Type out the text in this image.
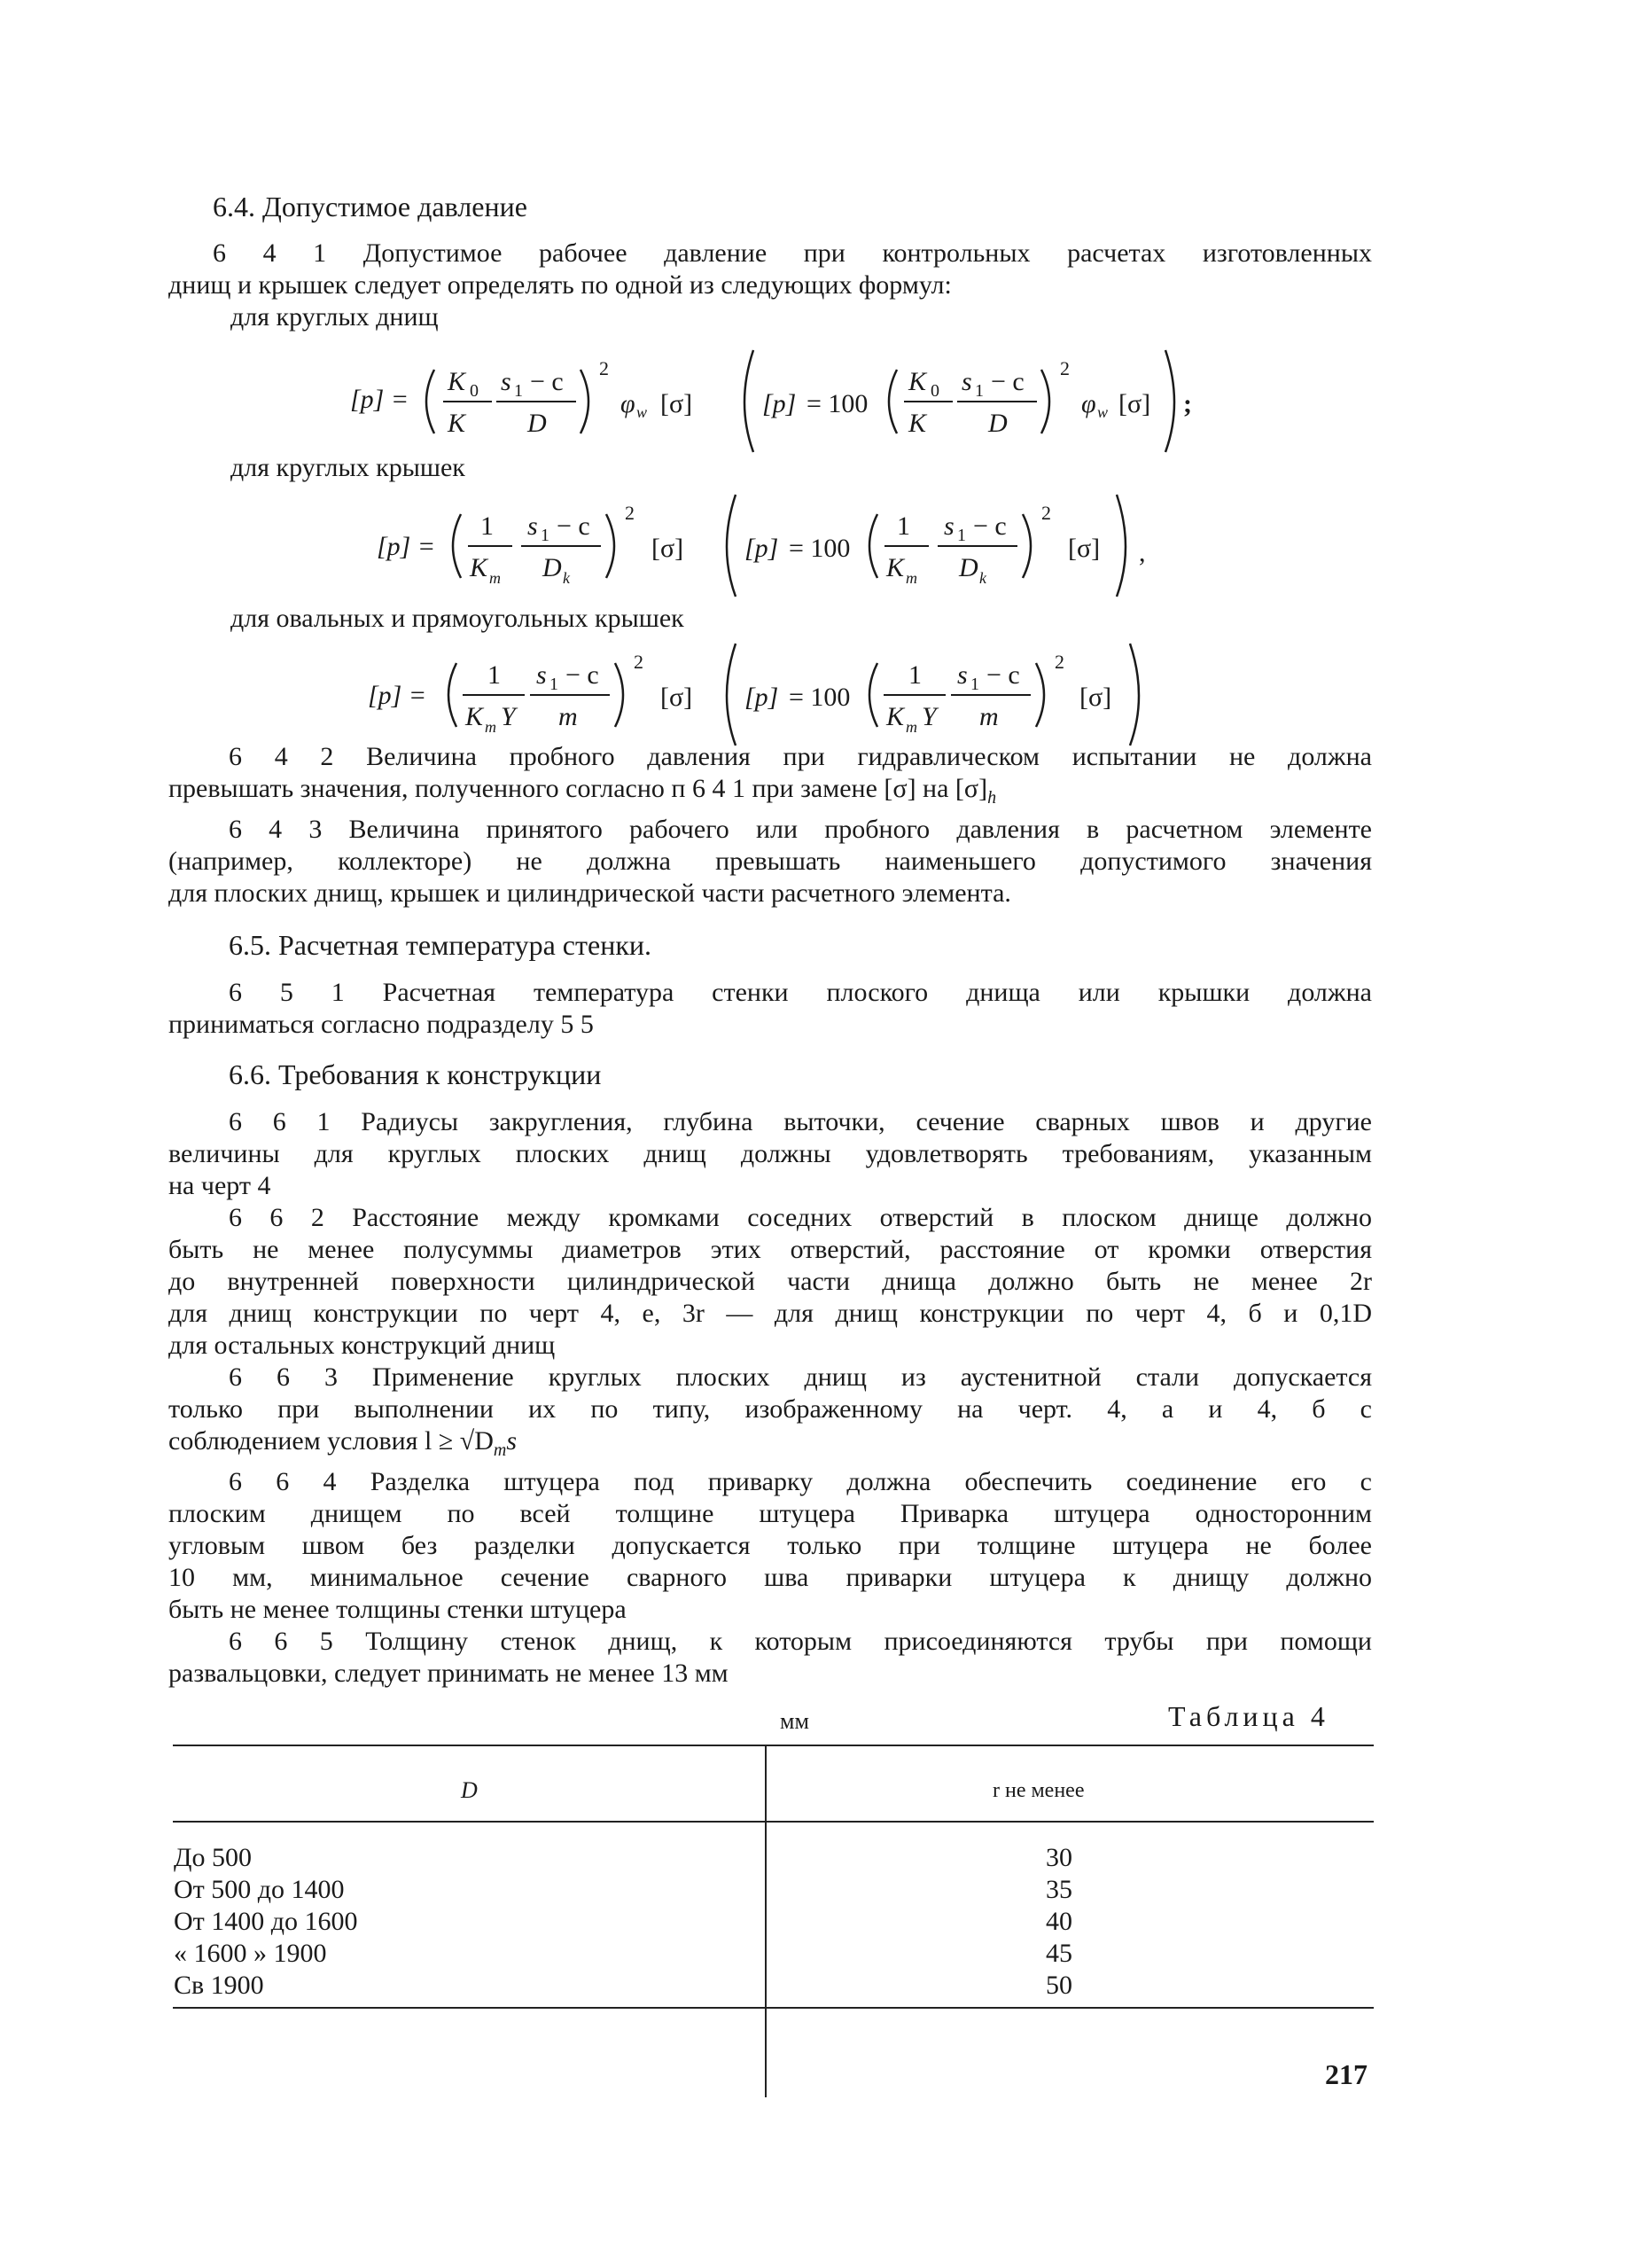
6.4. Допустимое давление
6 4 1 Допустимое рабочее давление при контрольных расчетах изготовленных
днищ и крышек следует определять по одной из следующих формул:
для круглых днищ
[p] =
K 0
K
s 1 − c
D
2
φ w [σ]	[p] = 100
K 0
K
s 1 − c
D
2
φ w [σ] ;
для круглых крышек
[p] =
1
K m
s 1 − c
D k
2
[σ] [p] = 100
1
K m
s 1 − c
D k
2
[σ] ,
для овальных и прямоугольных крышек
[p] =
1
K m Y
s 1 − c
m
2
[σ] [p] = 100
1
K m Y
s 1 − c
m
2
[σ]
6 4 2 Величина пробного давления при гидравлическом испытании не должна
превышать значения, полученного согласно п 6 4 1 при замене [σ] на $[\sigma]_h$
6 4 3 Величина принятого рабочего или пробного давления в расчетном элементе
(например, коллекторе) не должна превышать наименьшего допустимого значения
для плоских днищ, крышек и цилиндрической части расчетного элемента.
6.5. Расчетная температура стенки.
6 5 1 Расчетная температура стенки плоского днища или крышки должна
приниматься согласно подразделу 5 5
6.6. Требования к конструкции
6 6 1 Радиусы закругления, глубина выточки, сечение сварных швов и другие
величины для круглых плоских днищ должны удовлетворять требованиям, указанным
на черт 4
6 6 2 Расстояние между кромками соседних отверстий в плоском днище должно
быть не менее полусуммы диаметров этих отверстий, расстояние от кромки отверстия
до внутренней поверхности цилиндрической части днища должно быть не менее 2r
для днищ конструкции по черт 4, е, 3r — для днищ конструкции по черт 4, б и 0,1D
для остальных конструкций днищ
6 6 3 Применение круглых плоских днищ из аустенитной стали допускается
только при выполнении их по типу, изображенному на черт. 4, а и 4, б с
соблюдением условия $l \ge √D_ms$
6 6 4 Разделка штуцера под приварку должна обеспечить соединение его с
плоским днищем по всей толщине штуцера Приварка штуцера односторонним
угловым швом без разделки допускается только при толщине штуцера не более
10 мм, минимальное сечение сварного шва приварки штуцера к днищу должно
быть не менее толщины стенки штуцера
6 6 5 Толщину стенок днищ, к которым присоединяются трубы при помощи
развальцовки, следует принимать не менее 13 мм
мм	Таблица 4
D	r не менее
До 500	30
От 500 до 1400	35
От 1400 до 1600	40
« 1600 » 1900	45
Св 1900	50
217
